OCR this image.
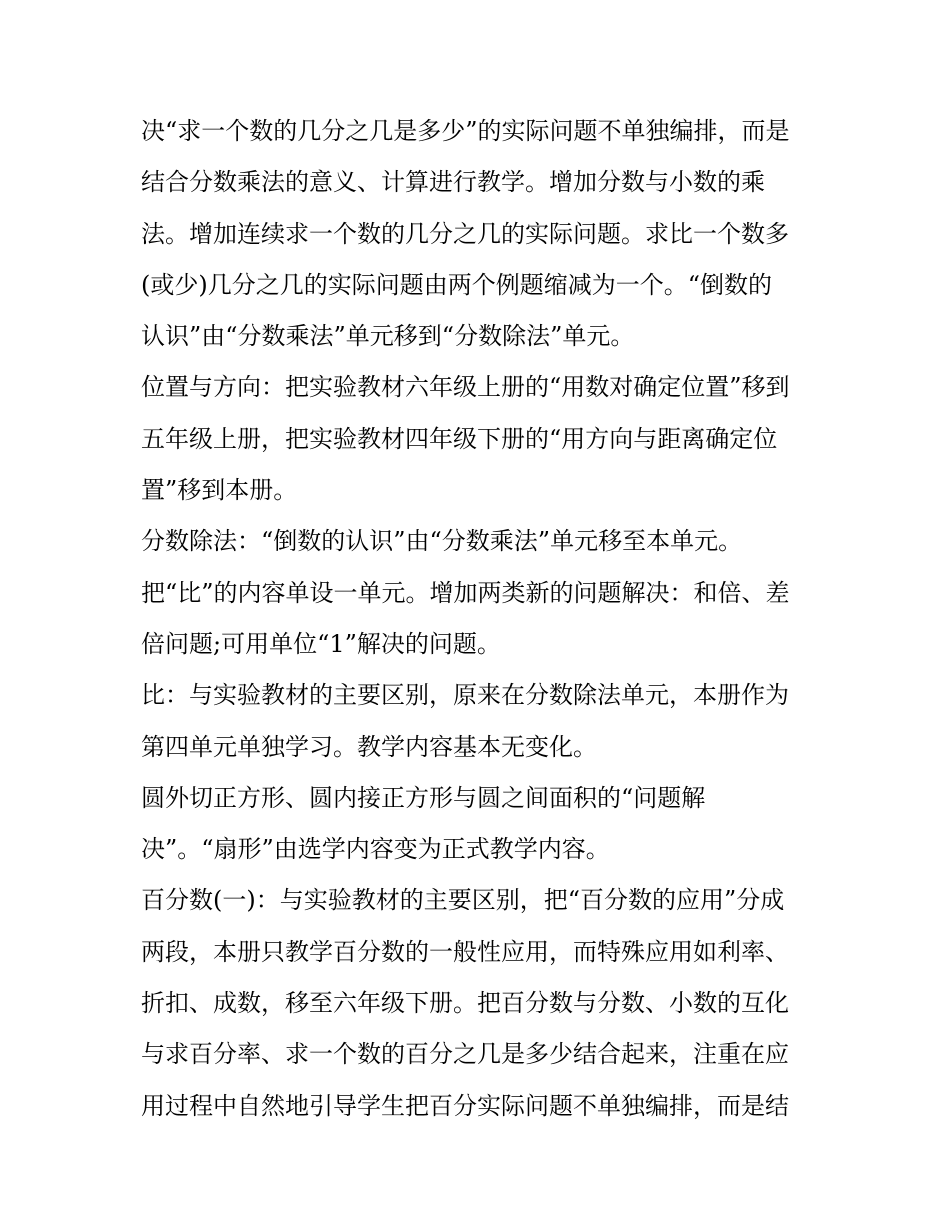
决“求一个数的几分之几是多少”的实际问题不单独编排，而是
结合分数乘法的意义、计算进行教学。增加分数与小数的乘
法。增加连续求一个数的几分之几的实际问题。求比一个数多
(或少)几分之几的实际问题由两个例题缩减为一个。“倒数的
认识”由“分数乘法”单元移到“分数除法”单元。
位置与方向：把实验教材六年级上册的“用数对确定位置”移到
五年级上册，把实验教材四年级下册的“用方向与距离确定位
置”移到本册。
分数除法：“倒数的认识”由“分数乘法”单元移至本单元。
把“比”的内容单设一单元。增加两类新的问题解决：和倍、差
倍问题;可用单位“1”解决的问题。
比：与实验教材的主要区别，原来在分数除法单元，本册作为
第四单元单独学习。教学内容基本无变化。
圆外切正方形、圆内接正方形与圆之间面积的“问题解
决”。“扇形”由选学内容变为正式教学内容。
百分数(一)：与实验教材的主要区别，把“百分数的应用”分成
两段，本册只教学百分数的一般性应用，而特殊应用如利率、
折扣、成数，移至六年级下册。把百分数与分数、小数的互化
与求百分率、求一个数的百分之几是多少结合起来，注重在应
用过程中自然地引导学生把百分实际问题不单独编排，而是结
